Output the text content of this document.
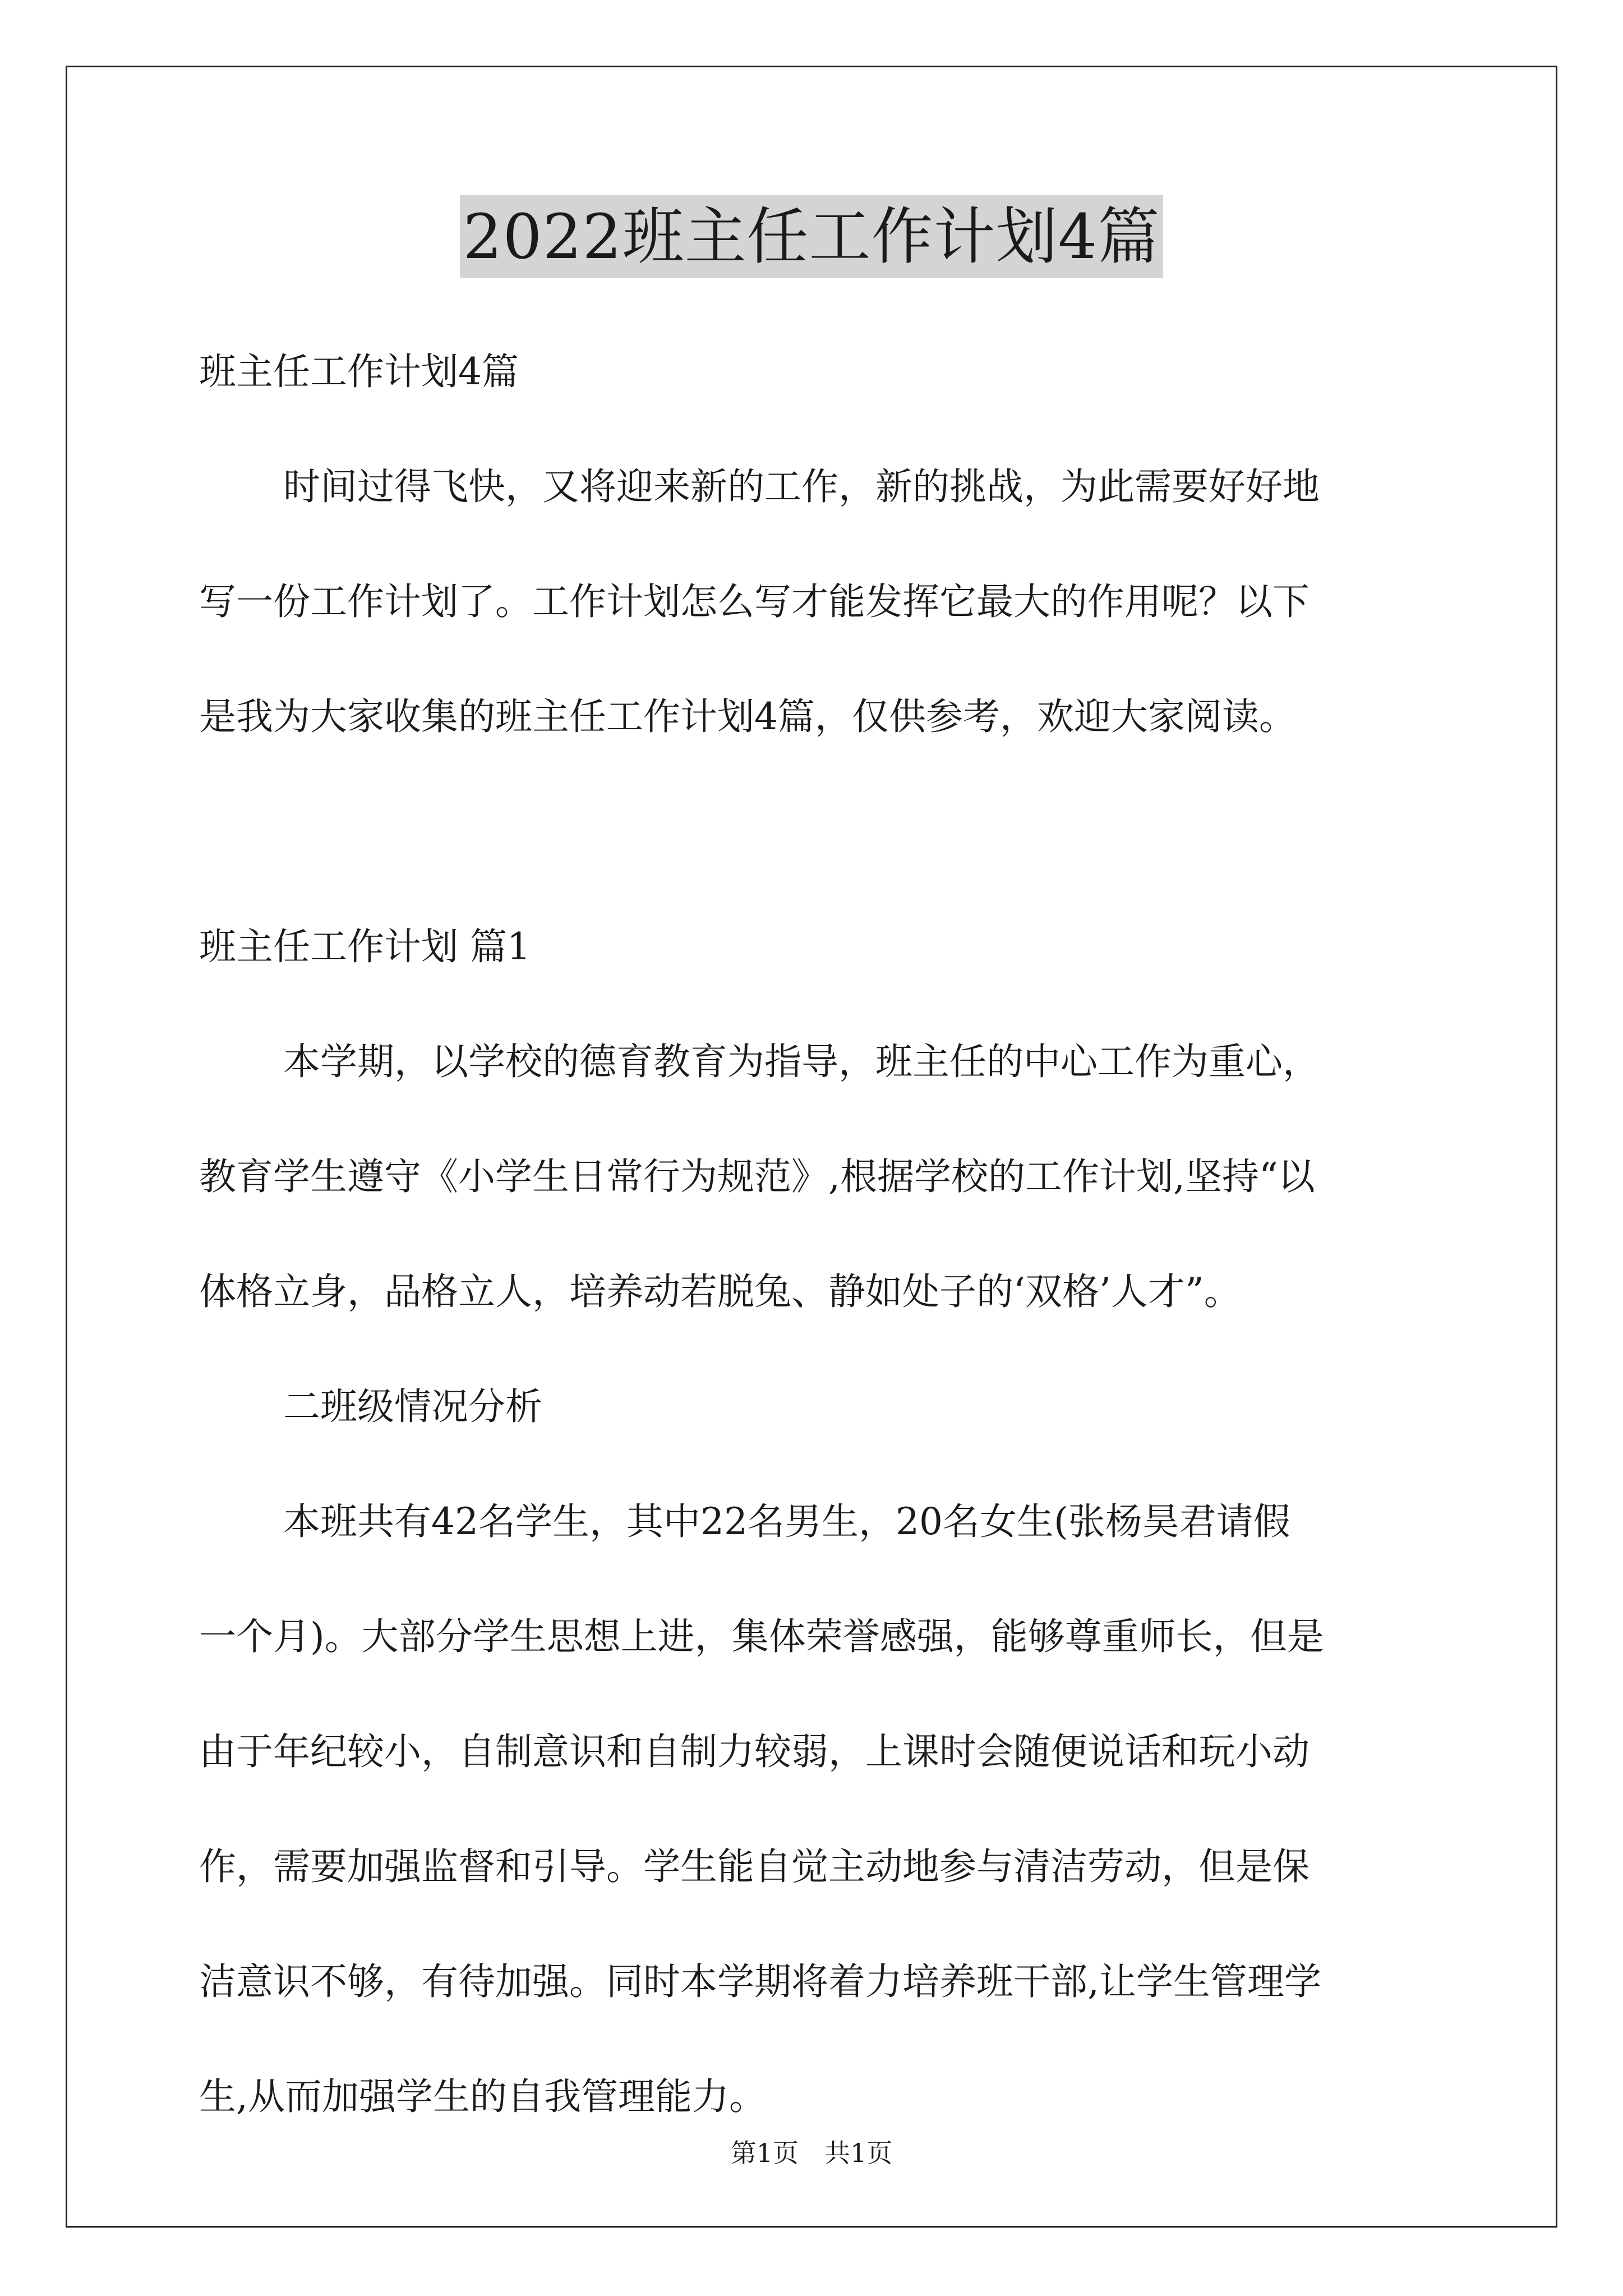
2022班主任工作计划4篇
班主任工作计划4篇
时间过得飞快，又将迎来新的工作，新的挑战，为此需要好好地
写一份工作计划了。工作计划怎么写才能发挥它最大的作用呢？以下
是我为大家收集的班主任工作计划4篇，仅供参考，欢迎大家阅读。
班主任工作计划 篇1
本学期，以学校的德育教育为指导，班主任的中心工作为重心，
教育学生遵守《小学生日常行为规范》,根据学校的工作计划,坚持“以
体格立身，品格立人，培养动若脱兔、静如处子的‘双格’人才”。
二班级情况分析
本班共有42名学生，其中22名男生，20名女生(张杨昊君请假
一个月)。大部分学生思想上进，集体荣誉感强，能够尊重师长，但是
由于年纪较小，自制意识和自制力较弱，上课时会随便说话和玩小动
作，需要加强监督和引导。学生能自觉主动地参与清洁劳动，但是保
洁意识不够，有待加强。同时本学期将着力培养班干部,让学生管理学
生,从而加强学生的自我管理能力。
第1页　共1页
